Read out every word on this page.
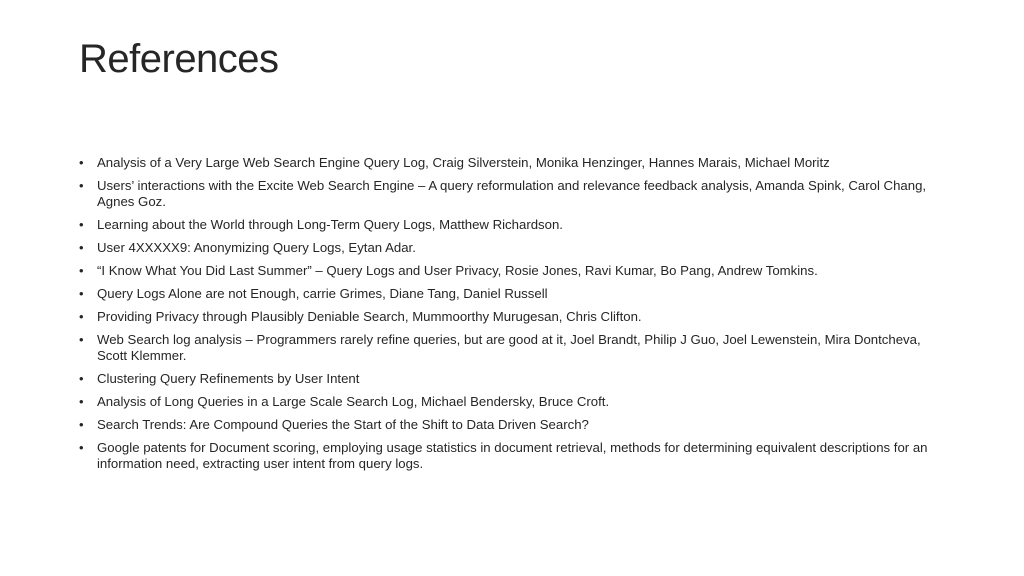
References
•	Analysis of a Very Large Web Search Engine Query Log, Craig Silverstein, Monika Henzinger, Hannes Marais, Michael Moritz
•	Users’ interactions with the Excite Web Search Engine – A query reformulation and relevance feedback analysis, Amanda Spink, Carol Chang, Agnes Goz.
•	Learning about the World through Long-Term Query Logs, Matthew Richardson.
•	User 4XXXXX9: Anonymizing Query Logs, Eytan Adar.
•	“I Know What You Did Last Summer” – Query Logs and User Privacy, Rosie Jones, Ravi Kumar, Bo Pang, Andrew Tomkins.
•	Query Logs Alone are not Enough, carrie Grimes, Diane Tang, Daniel Russell
•	Providing Privacy through Plausibly Deniable Search, Mummoorthy Murugesan, Chris Clifton.
•	Web Search log analysis – Programmers rarely refine queries, but are good at it, Joel Brandt, Philip J Guo, Joel Lewenstein, Mira Dontcheva, Scott Klemmer.
•	Clustering Query Refinements by User Intent
•	Analysis of Long Queries in a Large Scale Search Log, Michael Bendersky, Bruce Croft.
•	Search Trends: Are Compound Queries the Start of the Shift to Data Driven Search?
•	Google patents for Document scoring, employing usage statistics in document retrieval, methods for determining equivalent descriptions for an information need, extracting user intent from query logs.
